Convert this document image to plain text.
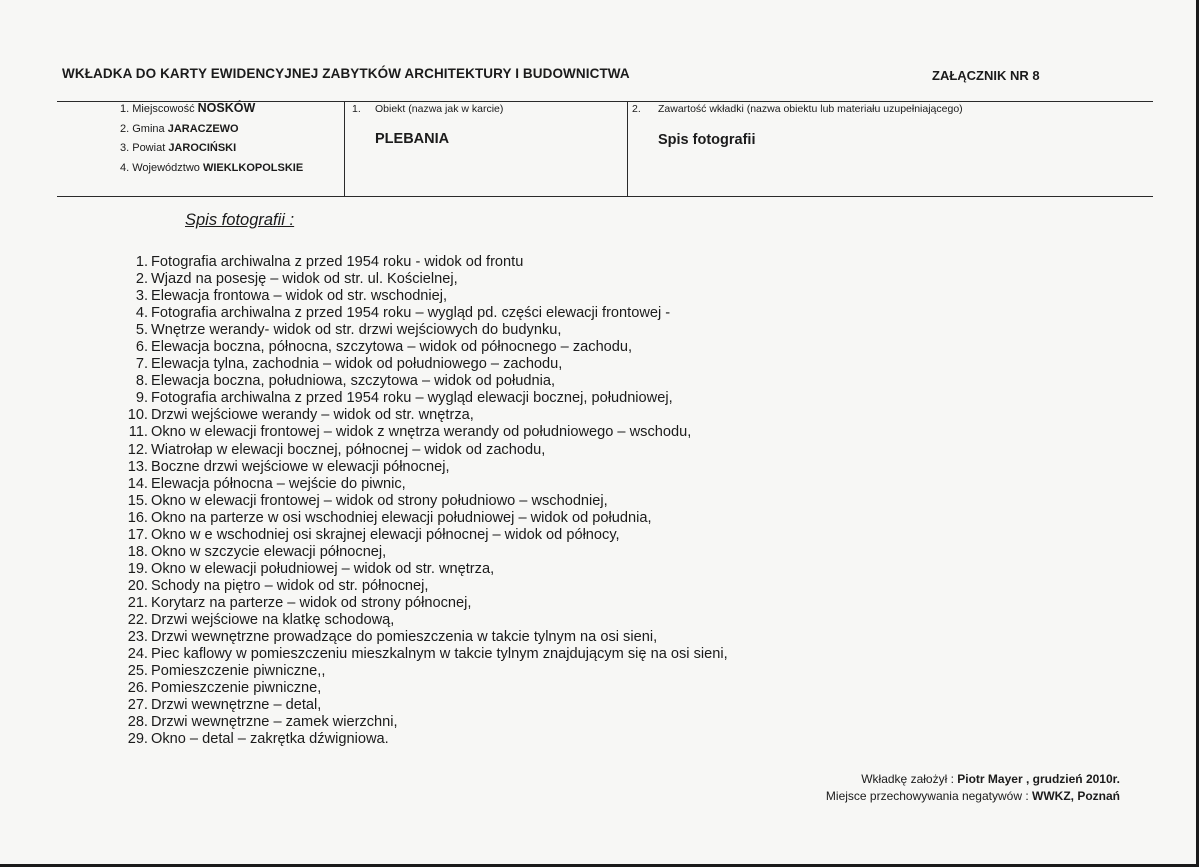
WKŁADKA DO KARTY EWIDENCYJNEJ ZABYTKÓW ARCHITEKTURY I BUDOWNICTWA	ZAŁĄCZNIK NR 8
1. Miejscowość NOSKÓW
2. Gmina JARACZEWO
3. Powiat JAROCIŃSKI
4. Województwo WIEKLKOPOLSKIE
1. Obiekt (nazwa jak w karcie)
PLEBANIA
2. Zawartość wkładki (nazwa obiektu lub materiału uzupełniającego)
Spis fotografii
Spis fotografii :
1. Fotografia archiwalna z przed 1954 roku - widok od frontu
2. Wjazd na posesję – widok od str. ul. Kościelnej,
3. Elewacja frontowa – widok od str. wschodniej,
4. Fotografia archiwalna z przed 1954 roku – wygląd pd. części elewacji frontowej -
5. Wnętrze werandy- widok od str. drzwi wejściowych do budynku,
6. Elewacja boczna, północna, szczytowa – widok od północnego – zachodu,
7. Elewacja tylna, zachodnia – widok od południowego – zachodu,
8. Elewacja boczna, południowa, szczytowa – widok od południa,
9. Fotografia archiwalna z przed 1954 roku – wygląd elewacji bocznej, południowej,
10. Drzwi wejściowe werandy – widok od str. wnętrza,
11. Okno w elewacji frontowej – widok z wnętrza werandy od południowego – wschodu,
12. Wiatrołap w elewacji bocznej, północnej – widok od zachodu,
13. Boczne drzwi wejściowe w elewacji północnej,
14. Elewacja północna – wejście do piwnic,
15. Okno w elewacji frontowej – widok od strony południowo – wschodniej,
16. Okno na parterze w osi wschodniej elewacji południowej – widok od południa,
17. Okno w e wschodniej osi skrajnej elewacji północnej – widok od północy,
18. Okno w szczycie elewacji północnej,
19. Okno w elewacji południowej – widok od str. wnętrza,
20. Schody na piętro – widok od str. północnej,
21. Korytarz na parterze – widok od strony północnej,
22. Drzwi wejściowe na klatkę schodową,
23. Drzwi wewnętrzne prowadzące do pomieszczenia w takcie tylnym na osi sieni,
24. Piec kaflowy w pomieszczeniu mieszkalnym w takcie tylnym znajdującym się na osi sieni,
25. Pomieszczenie piwniczne,,
26. Pomieszczenie piwniczne,
27. Drzwi wewnętrzne – detal,
28. Drzwi wewnętrzne – zamek wierzchni,
29. Okno – detal – zakrętka dźwigniowa.
Wkładkę założył : Piotr Mayer , grudzień 2010r.
Miejsce przechowywania negatywów : WWKZ, Poznań
